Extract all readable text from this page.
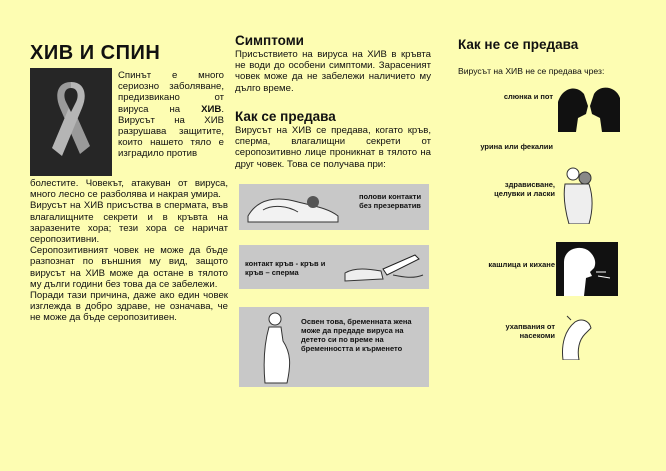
ХИВ И СПИН
Спинът е много сериозно заболяване, предизвикано от вируса на ХИВ. Вирусът на ХИВ разрушава защитите, които нашето тяло е изградило против
болестите. Човекът, атакуван от вируса, много лесно се разболява и накрая умира.
Вирусът на ХИВ присъства в спермата, във влагалищните секрети и в кръвта на заразените хора; тези хора се наричат серопозитивни.
Серопозитивният човек не може да бъде разпознат по външния му вид, защото вирусът на ХИВ може да остане в тялото му дълги години без това да се забележи.
Поради тази причина, даже ако един човек изглежда в добро здраве, не означава, че не може да бъде серопозитивен.
Симптоми
Присъствието на вируса на ХИВ в кръвта не води до особени симптоми. Зарасеният човек може да не забележи наличието му дълго време.
Как се предава
Вирусът на ХИВ се предава, когато кръв, сперма, влагалищни секрети от серопозитивно лице проникнат в тялото на друг човек. Това се получава при:
полови контакти без презерватив
контакт кръв - кръв и кръв – сперма
Освен това, бременната жена може да предаде вируса на детето си по време на бременността и кърменето
Как не се предава
Вирусът на ХИВ не се предава чрез:
слюнка и пот
урина или фекалии
здрависване, целувки и ласки
кашлица и кихане
ухапвания от насекоми
